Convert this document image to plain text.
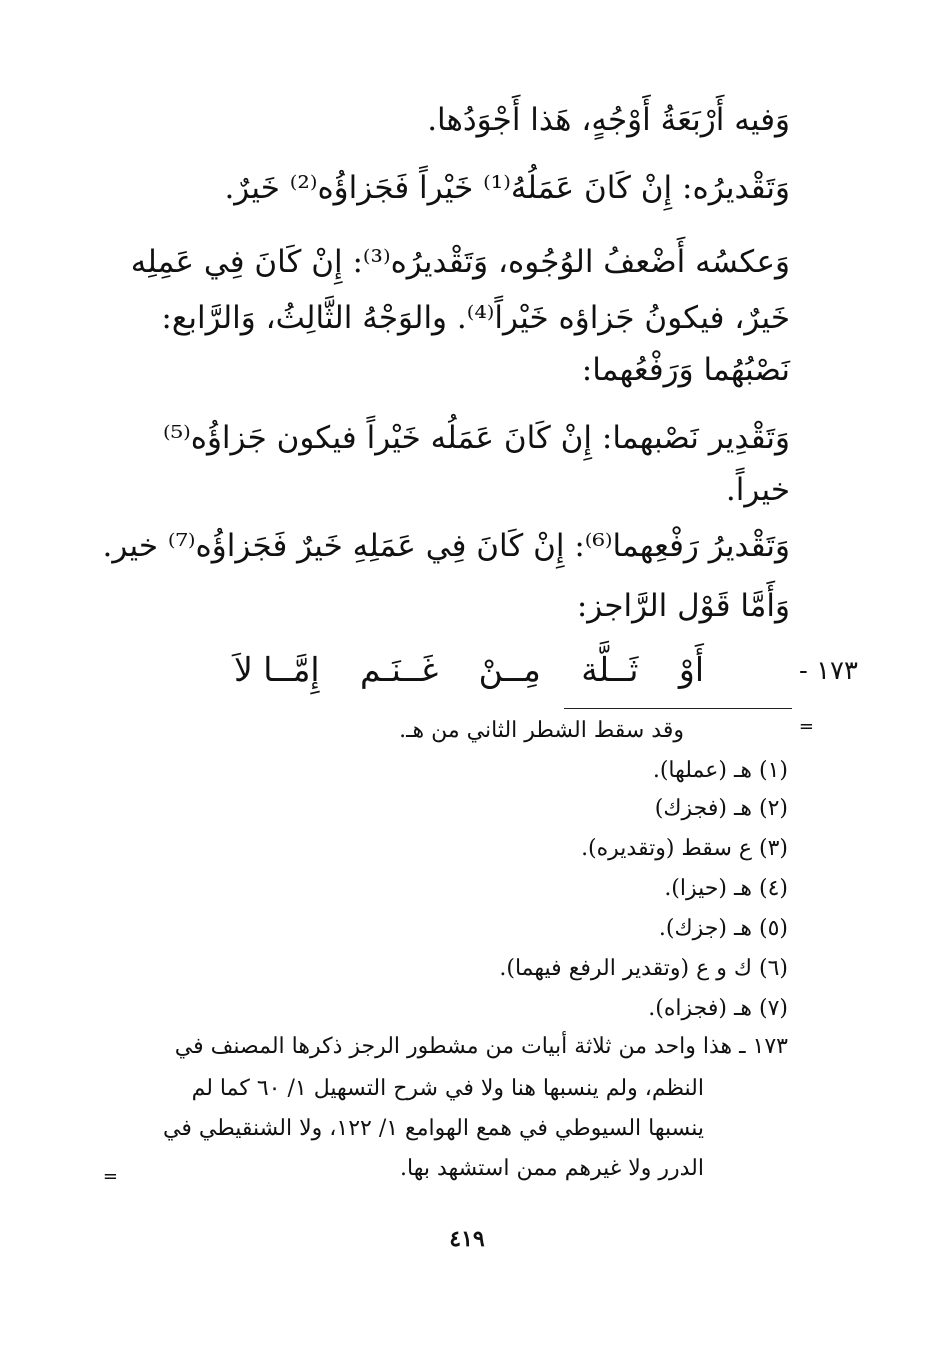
وَفيه أَرْبَعَةُ أَوْجُهٍ، هَذا أَجْوَدُها.
وَتَقْديرُه: إِنْ كَانَ عَمَلُهُ⁽¹⁾ خَيْراً فَجَزاؤُه⁽²⁾ خَيرٌ.
وَعكسُه أَضْعفُ الوُجُوه، وَتَقْديرُه⁽³⁾: إِنْ كَانَ فِي عَمِلِه
خَيرٌ، فيكونُ جَزاؤه خَيْراً⁽⁴⁾. والوَجْهُ الثَّالِثُ، وَالرَّابع:
نَصْبُهُما وَرَفْعُهما:
وَتَقْدِير نَصْبهما: إِنْ كَانَ عَمَلُه خَيْراً فيكون جَزاؤُه⁽⁵⁾
خيراً.
وَتَقْديرُ رَفْعِهما⁽⁶⁾: إِنْ كَانَ فِي عَمَلِهِ خَيرٌ فَجَزاؤُه⁽⁷⁾ خير.
وَأَمَّا قَوْل الرَّاجز:
١٧٣ -
أَوْ
ثَــلَّة
مِــنْ
غَــنَـم
إِمَّــا لاَ
=
وقد سقط الشطر الثاني من هـ.
(١) هـ (عملها).
(٢) هـ (فجزك)
(٣) ع سقط (وتقديره).
(٤) هـ (حيزا).
(٥) هـ (جزك).
(٦) ك و ع (وتقدير الرفع فيهما).
(٧) هـ (فجزاه).
١٧٣ ـ هذا واحد من ثلاثة أبيات من مشطور الرجز ذكرها المصنف في
النظم، ولم ينسبها هنا ولا في شرح التسهيل ١/ ٦٠ كما لم
ينسبها السيوطي في همع الهوامع ١/ ١٢٢، ولا الشنقيطي في
الدرر ولا غيرهم ممن استشهد بها.
=
٤١٩
